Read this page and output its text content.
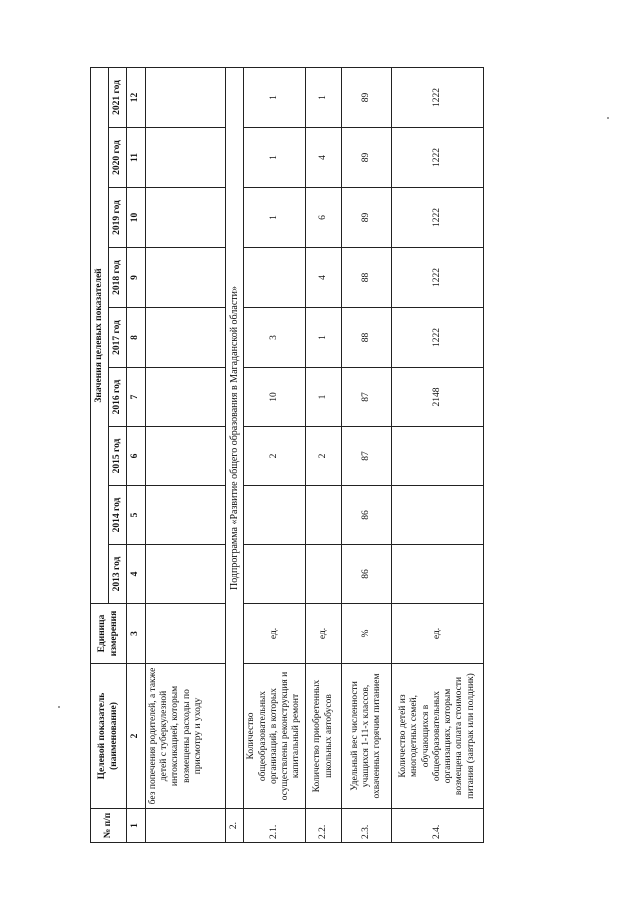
№ п/п	Целевой показатель (наименование)	Единица измерения	Значения целевых показателей								
			2013 год	2014 год	2015 год	2016 год	2017 год	2018 год	2019 год	2020 год	2021 год
1	2	3	4	5	6	7	8	9	10	11	12
	без попечения родителей, а также детей с туберкулезной интоксикацией, которым возмещены расходы по присмотру и уходу										
2.	Подпрограмма «Развитие общего образования в Магаданской области»										
2.1.	Количество общеобразовательных организаций, в которых осуществлены реконструкция и капитальный ремонт	ед.			2	10	3		1	1	1
2.2.	Количество приобретенных школьных автобусов	ед.			2	1	1	4	6	4	1
2.3.	Удельный вес численности учащихся 1-11-х классов, охваченных горячим питанием	%	86	86	87	87	88	88	89	89	89
2.4.	Количество детей из многодетных семей, обучающихся в общеобразовательных организациях, которым возмещена оплата стоимости питания (завтрак или полдник)	ед.				2148	1222	1222	1222	1222	1222
